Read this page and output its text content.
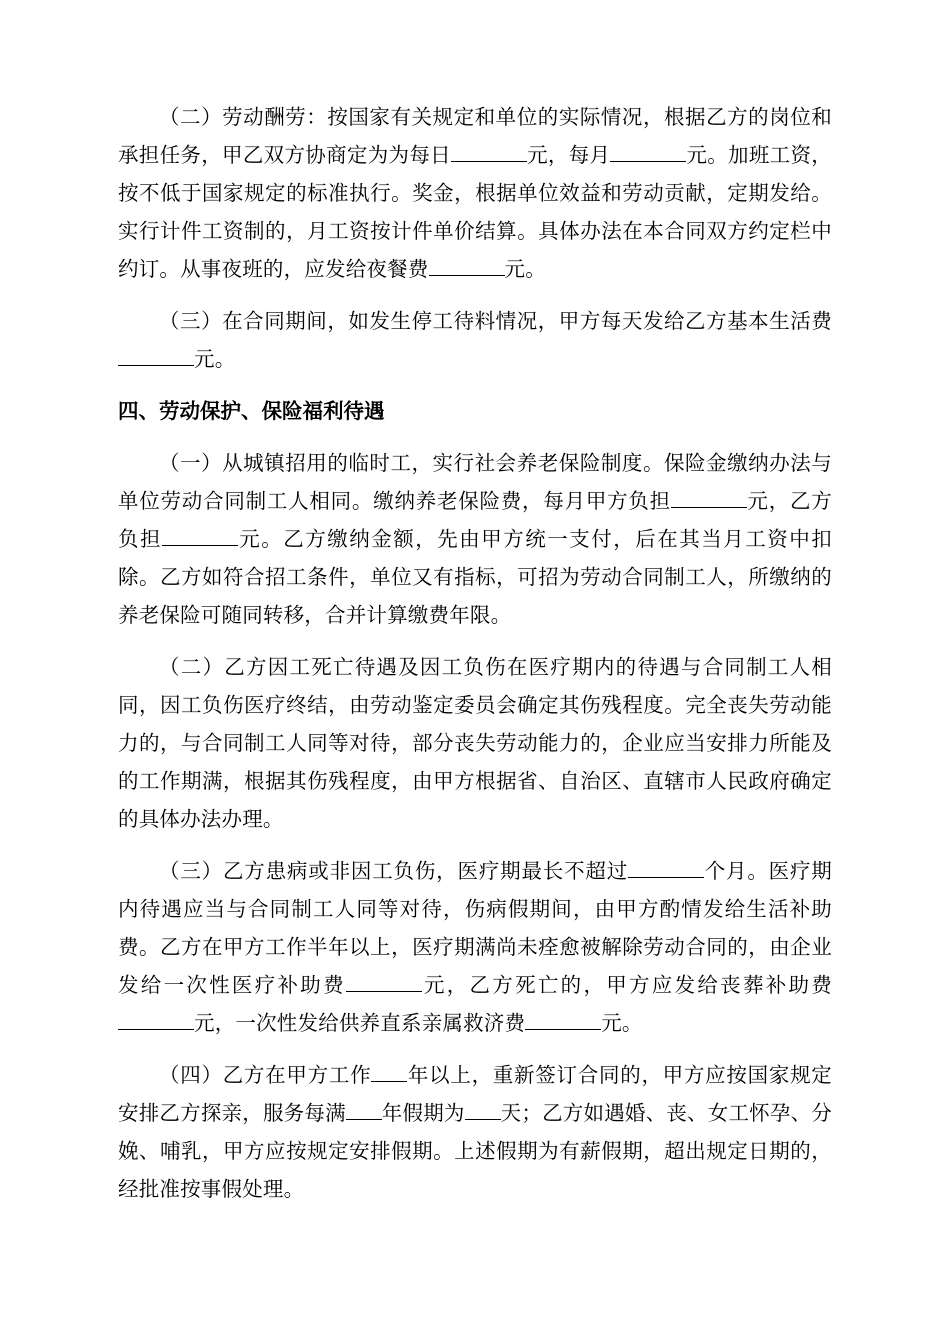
（二）劳动酬劳：按国家有关规定和单位的实际情况，根据乙方的岗位和承担任务，甲乙双方协商定为为每日	元，每月	元。加班工资，按不低于国家规定的标准执行。奖金，根据单位效益和劳动贡献，定期发给。实行计件工资制的，月工资按计件单价结算。具体办法在本合同双方约定栏中约订。从事夜班的，应发给夜餐费	元。

（三）在合同期间，如发生停工待料情况，甲方每天发给乙方基本生活费元。

四、劳动保护、保险福利待遇

（一）从城镇招用的临时工，实行社会养老保险制度。保险金缴纳办法与单位劳动合同制工人相同。缴纳养老保险费，每月甲方负担	元，乙方负担	元。乙方缴纳金额，先由甲方统一支付，后在其当月工资中扣除。乙方如符合招工条件，单位又有指标，可招为劳动合同制工人，所缴纳的养老保险可随同转移，合并计算缴费年限。

（二）乙方因工死亡待遇及因工负伤在医疗期内的待遇与合同制工人相同，因工负伤医疗终结，由劳动鉴定委员会确定其伤残程度。完全丧失劳动能力的，与合同制工人同等对待，部分丧失劳动能力的，企业应当安排力所能及的工作期满，根据其伤残程度，由甲方根据省、自治区、直辖市人民政府确定的具体办法办理。

（三）乙方患病或非因工负伤，医疗期最长不超过	个月。医疗期内待遇应当与合同制工人同等对待，伤病假期间，由甲方酌情发给生活补助费。乙方在甲方工作半年以上，医疗期满尚未痊愈被解除劳动合同的，由企业发给一次性医疗补助费	元，乙方死亡的，甲方应发给丧葬补助费元，一次性发给供养直系亲属救济费	元。

（四）乙方在甲方工作 年以上，重新签订合同的，甲方应按国家规定安排乙方探亲，服务每满 年假期为 天；乙方如遇婚、丧、女工怀孕、分娩、哺乳，甲方应按规定安排假期。上述假期为有薪假期，超出规定日期的，经批准按事假处理。
